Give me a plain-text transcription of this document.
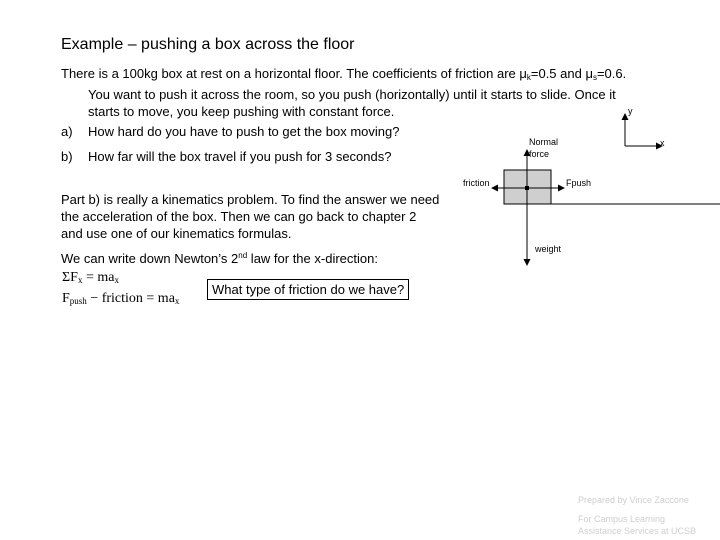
Example – pushing a box across the floor
There is a 100kg box at rest on a horizontal floor. The coefficients of friction are $\mu_k=0.5$ and $\mu_s=0.6$.
You want to push it across the room, so you push (horizontally) until it starts to slide. Once it
starts to move, you keep pushing with constant force.
a) How hard do you have to push to get the box moving?
b) How far will the box travel if you push for 3 seconds?
Part b) is really a kinematics problem. To find the answer we need the acceleration of the box. Then we can go back to chapter 2 and use one of our kinematics formulas.
We can write down Newton’s 2nd law for the x-direction:
$\Sigma F_x = ma_x$
$F_{push}$ − friction = $ma_x$
What type of friction do we have?
y
x
Normal
force
friction	Fpush
weight
Prepared by Vince Zaccone
For Campus Learning
Assistance Services at UCSB
